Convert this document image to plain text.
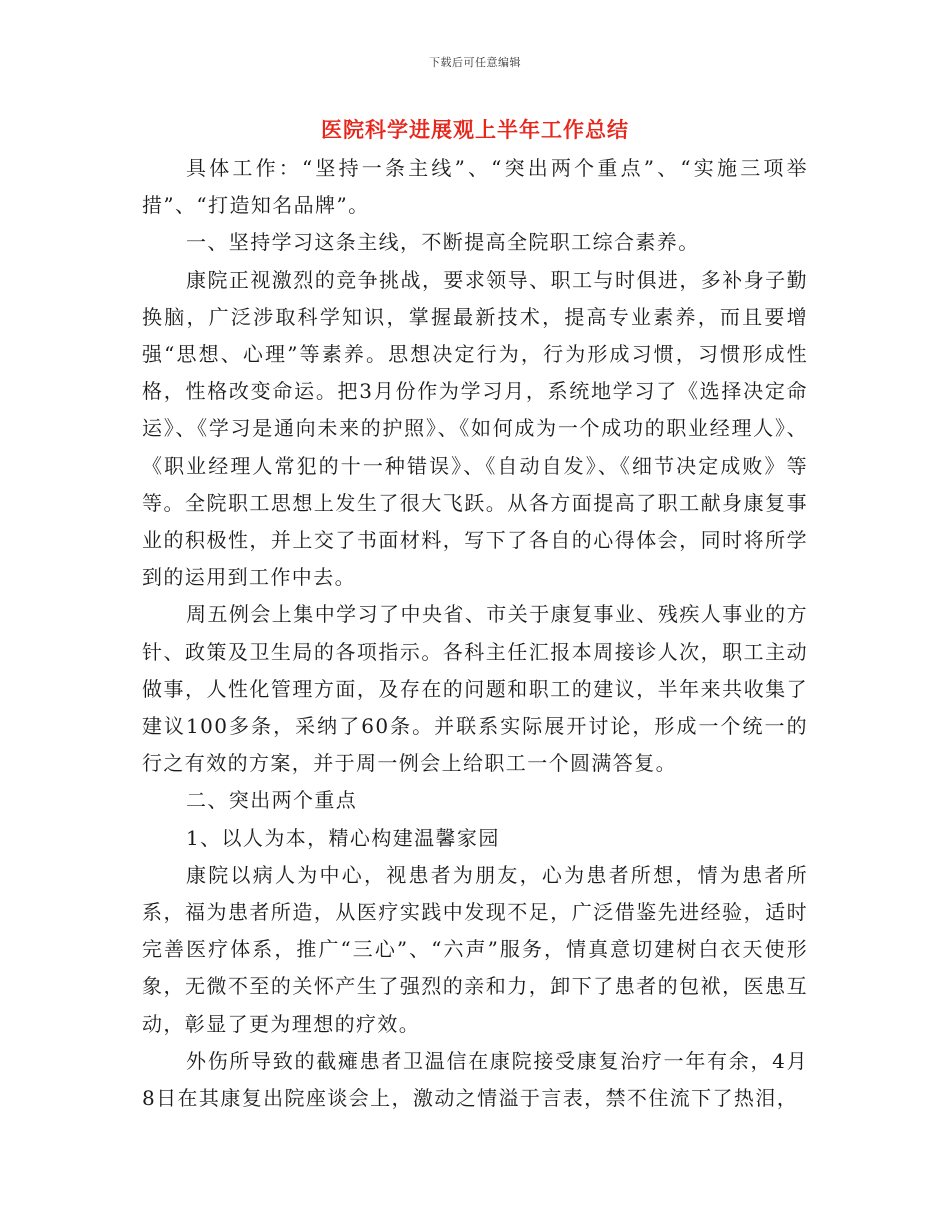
下载后可任意编辑
医院科学进展观上半年工作总结

具体工作：“坚持一条主线”、“突出两个重点”、“实施三项举措”、“打造知名品牌”。

一、坚持学习这条主线，不断提高全院职工综合素养。

康院正视激烈的竞争挑战，要求领导、职工与时俱进，多补身子勤换脑，广泛涉取科学知识，掌握最新技术，提高专业素养，而且要增强“思想、心理”等素养。思想决定行为，行为形成习惯，习惯形成性格，性格改变命运。把3月份作为学习月，系统地学习了《选择决定命运》、《学习是通向未来的护照》、《如何成为一个成功的职业经理人》、《职业经理人常犯的十一种错误》、《自动自发》、《细节决定成败》等等。全院职工思想上发生了很大飞跃。从各方面提高了职工献身康复事业的积极性，并上交了书面材料，写下了各自的心得体会，同时将所学到的运用到工作中去。

周五例会上集中学习了中央省、市关于康复事业、残疾人事业的方针、政策及卫生局的各项指示。各科主任汇报本周接诊人次，职工主动做事，人性化管理方面，及存在的问题和职工的建议，半年来共收集了建议100多条，采纳了60条。并联系实际展开讨论，形成一个统一的行之有效的方案，并于周一例会上给职工一个圆满答复。

二、突出两个重点

1、以人为本，精心构建温馨家园

康院以病人为中心，视患者为朋友，心为患者所想，情为患者所系，福为患者所造，从医疗实践中发现不足，广泛借鉴先进经验，适时完善医疗体系，推广“三心”、“六声”服务，情真意切建树白衣天使形象，无微不至的关怀产生了强烈的亲和力，卸下了患者的包袱，医患互动，彰显了更为理想的疗效。

外伤所导致的截瘫患者卫温信在康院接受康复治疗一年有余，4月8日在其康复出院座谈会上，激动之情溢于言表，禁不住流下了热泪，
